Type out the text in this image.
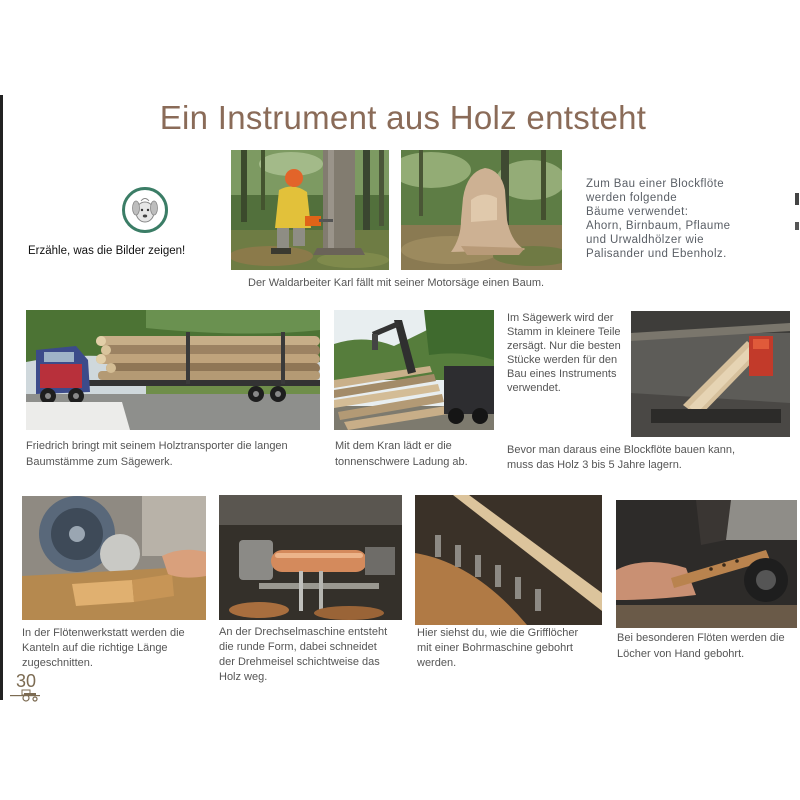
Ein Instrument aus Holz entsteht
Erzähle, was die Bilder zeigen!
Zum Bau einer Blockflöte
werden folgende
Bäume verwendet:
Ahorn, Birnbaum, Pflaume
und Urwaldhölzer wie
Palisander und Ebenholz.
Der Waldarbeiter Karl fällt mit seiner Motorsäge einen Baum.
Im Sägewerk wird der
Stamm in kleinere Teile
zersägt. Nur die besten
Stücke werden für den
Bau eines Instruments
verwendet.
Friedrich bringt mit seinem Holztransporter die langen
Baumstämme zum Sägewerk.
Mit dem Kran lädt er die
tonnenschwere Ladung ab.
Bevor man daraus eine Blockflöte bauen kann,
muss das Holz 3 bis 5 Jahre lagern.
In der Flötenwerkstatt werden die
Kanteln auf die richtige Länge
zugeschnitten.
An der Drechselmaschine entsteht
die runde Form, dabei schneidet
der Drehmeisel schichtweise das
Holz weg.
Hier siehst du, wie die Grifflöcher
mit einer Bohrmaschine gebohrt
werden.
Bei besonderen Flöten werden die
Löcher von Hand gebohrt.
30
